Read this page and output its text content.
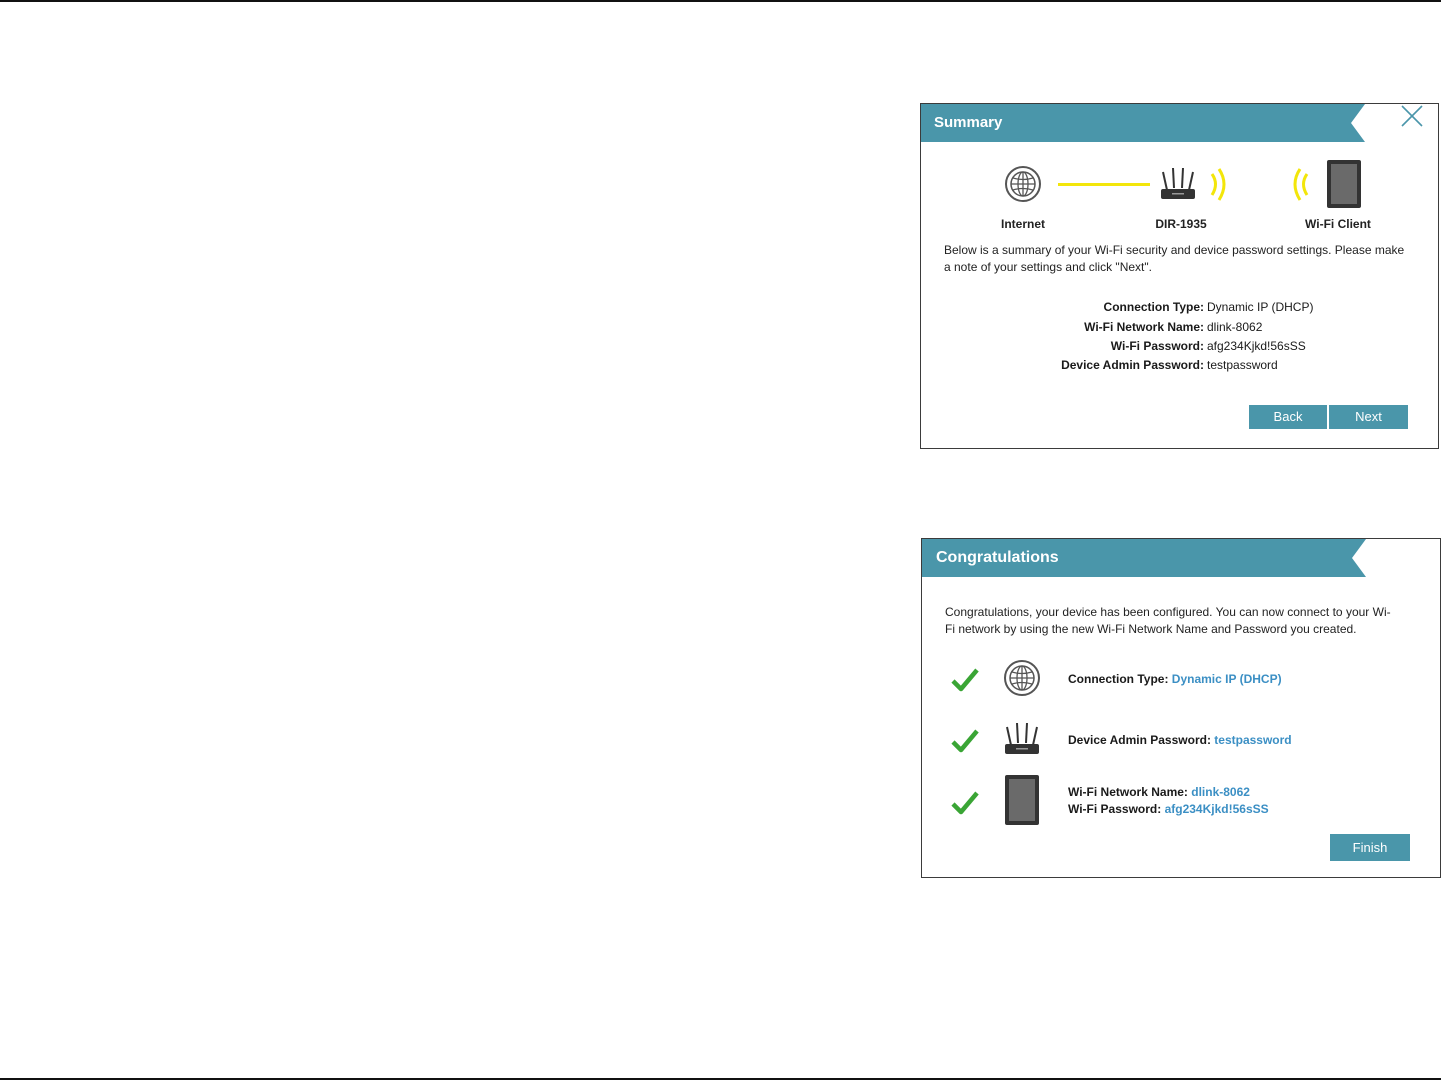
Summary
Internet	DIR-1935	Wi-Fi Client
Below is a summary of your Wi-Fi security and device password settings. Please make a note of your settings and click "Next".
Connection Type: Dynamic IP (DHCP)
Wi-Fi Network Name: dlink-8062
Wi-Fi Password: afg234Kjkd!56sSS
Device Admin Password: testpassword
Back	Next
Congratulations
Congratulations, your device has been configured. You can now connect to your Wi-Fi network by using the new Wi-Fi Network Name and Password you created.
Connection Type: Dynamic IP (DHCP)
Device Admin Password: testpassword
Wi-Fi Network Name: dlink-8062
Wi-Fi Password: afg234Kjkd!56sSS
Finish
